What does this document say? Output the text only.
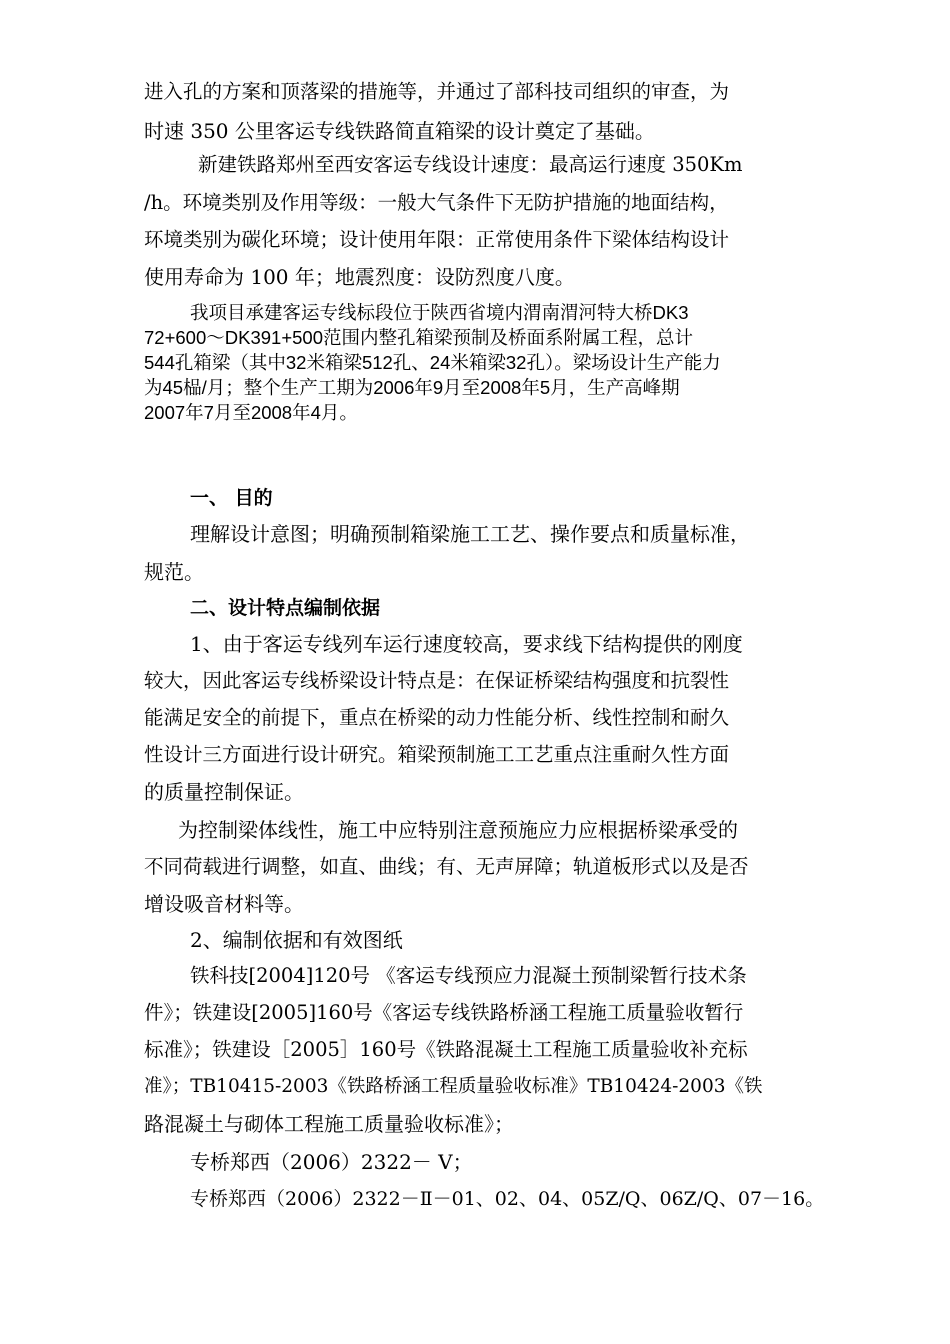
进入孔的方案和顶落梁的措施等，并通过了部科技司组织的审查，为
时速 350 公里客运专线铁路简直箱梁的设计奠定了基础。
新建铁路郑州至西安客运专线设计速度：最高运行速度 350Km
/h。环境类别及作用等级：一般大气条件下无防护措施的地面结构，
环境类别为碳化环境；设计使用年限：正常使用条件下梁体结构设计
使用寿命为 100 年；地震烈度：设防烈度八度。
我项目承建客运专线标段位于陕西省境内渭南渭河特大桥DK3
72+600～DK391+500范围内整孔箱梁预制及桥面系附属工程，总计
544孔箱梁（其中32米箱梁512孔、24米箱梁32孔）。梁场设计生产能力
为45榀/月；整个生产工期为2006年9月至2008年5月，生产高峰期
2007年7月至2008年4月。
一、 目的
理解设计意图；明确预制箱梁施工工艺、操作要点和质量标准，
规范。
二、设计特点编制依据
1、由于客运专线列车运行速度较高，要求线下结构提供的刚度
较大，因此客运专线桥梁设计特点是：在保证桥梁结构强度和抗裂性
能满足安全的前提下，重点在桥梁的动力性能分析、线性控制和耐久
性设计三方面进行设计研究。箱梁预制施工工艺重点注重耐久性方面
的质量控制保证。
为控制梁体线性，施工中应特别注意预施应力应根据桥梁承受的
不同荷载进行调整，如直、曲线；有、无声屏障；轨道板形式以及是否
增设吸音材料等。
2、编制依据和有效图纸
铁科技[2004]120号 《客运专线预应力混凝土预制梁暂行技术条
件》；铁建设[2005]160号《客运专线铁路桥涵工程施工质量验收暂行
标准》；铁建设［2005］160号《铁路混凝土工程施工质量验收补充标
准》；TB10415-2003《铁路桥涵工程质量验收标准》TB10424-2003《铁
路混凝土与砌体工程施工质量验收标准》；
专桥郑西（2006）2322－ Ⅴ；
专桥郑西（2006）2322－Ⅱ－01、02、04、05Z/Q、06Z/Q、07－16。
